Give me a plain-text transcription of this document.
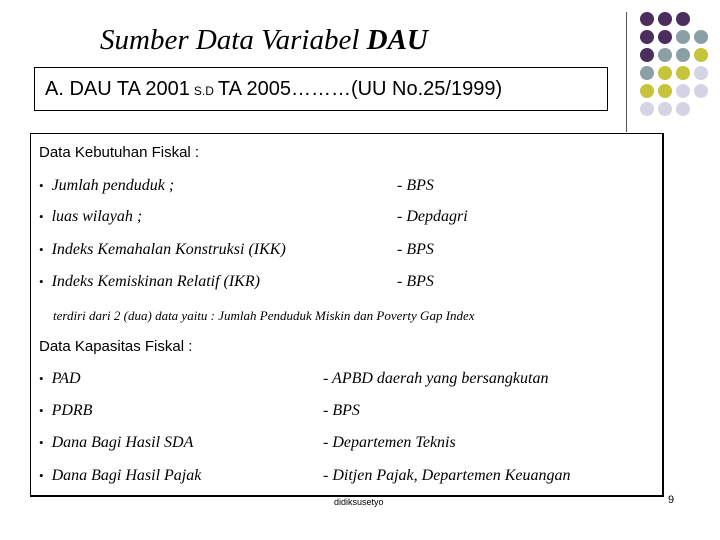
Sumber Data Variabel DAU
A. DAU TA 2001 S.D TA 2005………(UU No.25/1999)
Data Kebutuhan Fiskal :
• Jumlah penduduk ;	- BPS
• luas wilayah ;	- Depdagri
• Indeks Kemahalan Konstruksi (IKK)	- BPS
• Indeks Kemiskinan Relatif (IKR)	- BPS
terdiri dari 2 (dua) data yaitu : Jumlah Penduduk Miskin dan Poverty Gap Index
Data Kapasitas Fiskal :
• PAD	- APBD daerah yang bersangkutan
• PDRB	- BPS
• Dana Bagi Hasil SDA	- Departemen Teknis
• Dana Bagi Hasil Pajak	- Ditjen Pajak, Departemen Keuangan
didiksusetyo	9
